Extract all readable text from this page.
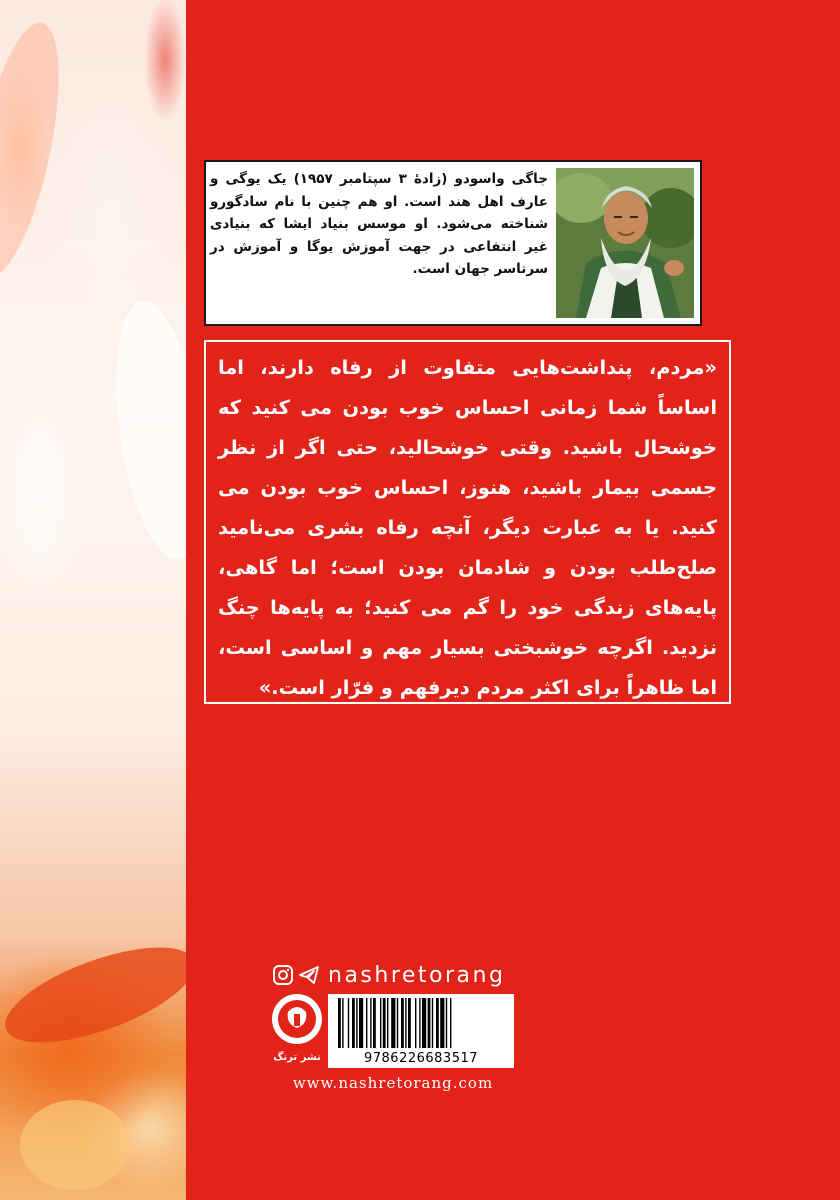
جاگی واسودو (زادهٔ ۳ سپتامبر ۱۹۵۷) یک یوگی و عارف اهل هند است. او هم چنین با نام سادگورو شناخته می‌شود. او موسس بنیاد ایشا که بنیادی غیر انتفاعی در جهت آموزش یوگا و آموزش در سرتاسر جهان است.
«مردم، پنداشت‌هایی متفاوت از رفاه دارند، اما اساساً شما زمانی احساس خوب بودن می کنید که خوشحال باشید. وقتی خوشحالید، حتی اگر از نظر جسمی بیمار باشید، هنوز، احساس خوب بودن می کنید. یا به عبارت دیگر، آنچه رفاه بشری می‌نامید صلح‌طلب بودن و شادمان بودن است؛ اما گاهی، پایه‌های زندگی خود را گم می کنید؛ به پایه‌ها چنگ نزدید. اگرچه خوشبختی بسیار مهم و اساسی است، اما ظاهراً برای اکثر مردم دیرفهم و فرّار است.»
nashretorang
نشر ترنگ	9786226683517
www.nashretorang.com
